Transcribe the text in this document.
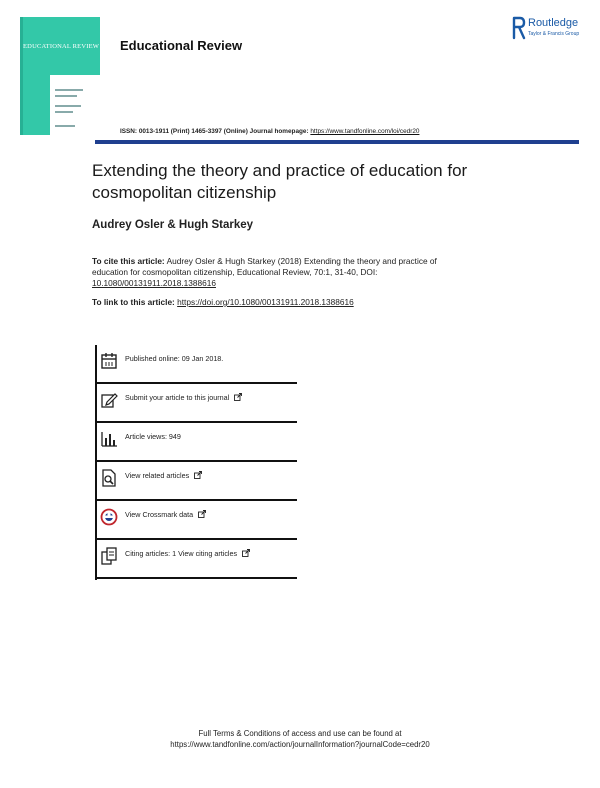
EDUCATIONAL REVIEW Educational Review
Routledge
Taylor & Francis Group
ISSN: 0013-1911 (Print) 1465-3397 (Online) Journal homepage: https://www.tandfonline.com/loi/cedr20
Extending the theory and practice of education for cosmopolitan citizenship
Audrey Osler & Hugh Starkey
To cite this article: Audrey Osler & Hugh Starkey (2018) Extending the theory and practice of education for cosmopolitan citizenship, Educational Review, 70:1, 31-40, DOI: 10.1080/00131911.2018.1388616
To link to this article: https://doi.org/10.1080/00131911.2018.1388616
Published online: 09 Jan 2018.
Submit your article to this journal
Article views: 949
View related articles
View Crossmark data
Citing articles: 1 View citing articles
Full Terms & Conditions of access and use can be found at
https://www.tandfonline.com/action/journalInformation?journalCode=cedr20
